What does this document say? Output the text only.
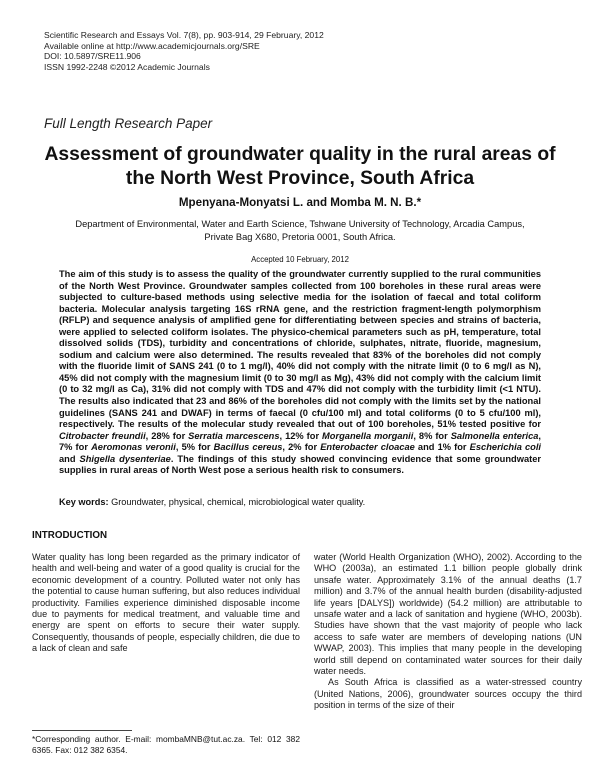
Scientific Research and Essays Vol. 7(8), pp. 903-914, 29 February, 2012
Available online at http://www.academicjournals.org/SRE
DOI: 10.5897/SRE11.906
ISSN 1992-2248 ©2012 Academic Journals
Full Length Research Paper
Assessment of groundwater quality in the rural areas of the North West Province, South Africa
Mpenyana-Monyatsi L. and Momba M. N. B.*
Department of Environmental, Water and Earth Science, Tshwane University of Technology, Arcadia Campus, Private Bag X680, Pretoria 0001, South Africa.
Accepted 10 February, 2012

The aim of this study is to assess the quality of the groundwater currently supplied to the rural communities of the North West Province. Groundwater samples collected from 100 boreholes in these rural areas were subjected to culture-based methods using selective media for the isolation of faecal and total coliform bacteria. Molecular analysis targeting 16S rRNA gene, and the restriction fragment-length polymorphism (RFLP) and sequence analysis of amplified gene for differentiating between species and strains of bacteria, were applied to selected coliform isolates. The physico-chemical parameters such as pH, temperature, total dissolved solids (TDS), turbidity and concentrations of chloride, sulphates, nitrate, fluoride, magnesium, sodium and calcium were also determined. The results revealed that 83% of the boreholes did not comply with the fluoride limit of SANS 241 (0 to 1 mg/l), 40% did not comply with the nitrate limit (0 to 6 mg/l as N), 45% did not comply with the magnesium limit (0 to 30 mg/l as Mg), 43% did not comply with the calcium limit (0 to 32 mg/l as Ca), 31% did not comply with TDS and 47% did not comply with the turbidity limit (<1 NTU). The results also indicated that 23 and 86% of the boreholes did not comply with the limits set by the national guidelines (SANS 241 and DWAF) in terms of faecal (0 cfu/100 ml) and total coliforms (0 to 5 cfu/100 ml), respectively. The results of the molecular study revealed that out of 100 boreholes, 51% tested positive for Citrobacter freundii, 28% for Serratia marcescens, 12% for Morganella morganii, 8% for Salmonella enterica, 7% for Aeromonas veronii, 5% for Bacillus cereus, 2% for Enterobacter cloacae and 1% for Escherichia coli and Shigella dysenteriae. The findings of this study showed convincing evidence that some groundwater supplies in rural areas of North West pose a serious health risk to consumers.

Key words: Groundwater, physical, chemical, microbiological water quality.
INTRODUCTION

Water quality has long been regarded as the primary indicator of health and well-being and water of a good quality is crucial for the economic development of a country. Polluted water not only has the potential to cause human suffering, but also reduces individual productivity. Families experience diminished disposable income due to payments for medical treatment, and valuable time and energy are spent on efforts to secure their water supply. Consequently, thousands of people, especially children, die due to a lack of clean and safe

water (World Health Organization (WHO), 2002). According to the WHO (2003a), an estimated 1.1 billion people globally drink unsafe water. Approximately 3.1% of the annual deaths (1.7 million) and 3.7% of the annual health burden (disability-adjusted life years [DALYS]) worldwide) (54.2 million) are attributable to unsafe water and a lack of sanitation and hygiene (WHO, 2003b). Studies have shown that the vast majority of people who lack access to safe water are members of developing nations (UN WWAP, 2003). This implies that many people in the developing world still depend on contaminated water sources for their daily water needs.

As South Africa is classified as a water-stressed country (United Nations, 2006), groundwater sources occupy the third position in terms of the size of their

*Corresponding author. E-mail: mombaMNB@tut.ac.za. Tel: 012 382 6365. Fax: 012 382 6354.
